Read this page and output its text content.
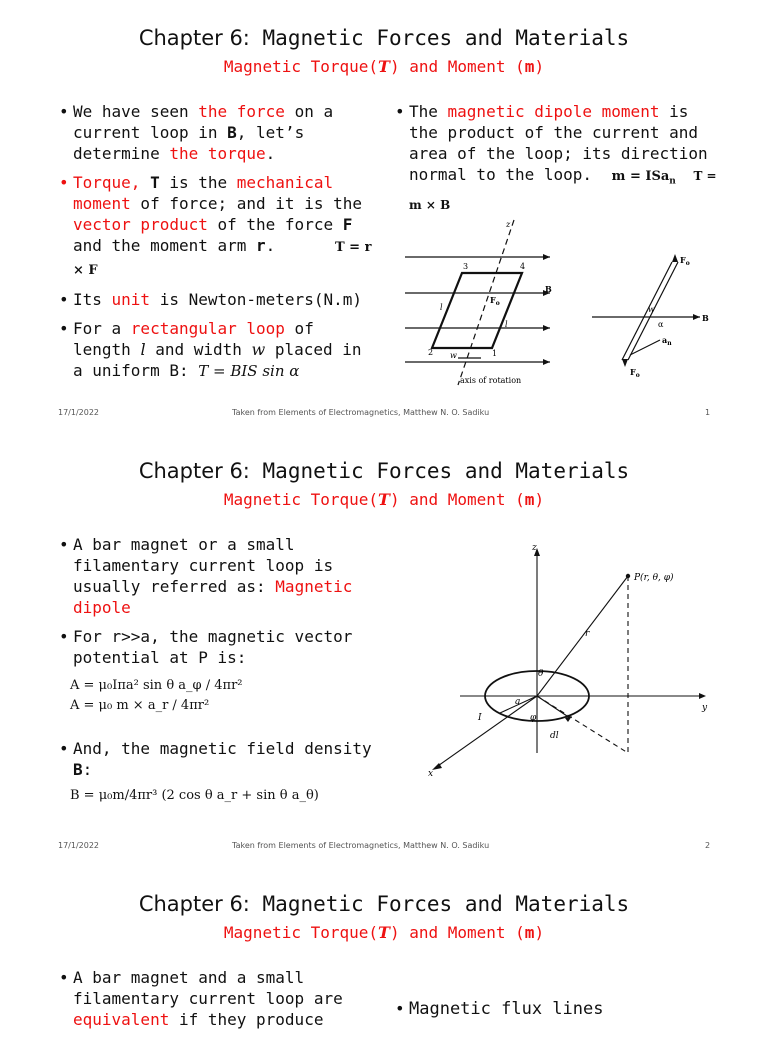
Chapter 6: Magnetic Forces and Materials
Magnetic Torque(T) and Moment (m)
• We have seen the force on a current loop in B, let’s determine the torque.
• Torque, T is the mechanical moment of force; and it is the vector product of the force F and the moment arm r.	T = r × F
• Its unit is Newton-meters(N.m)
• For a rectangular loop of length l and width w placed in a uniform B: T = BIS sin α
• The magnetic dipole moment is the product of the current and area of the loop; its direction normal to the loop. m = ISa$_n$ T = m × B
z
3	4
2	1
B
B
l
l
w
w
$F_o$
$F_o$
$F_o$
axis of rotation
α
$a_n$
17/1/2022	Taken from Elements of Electromagnetics, Matthew N. O. Sadiku	1
Chapter 6: Magnetic Forces and Materials
Magnetic Torque(T) and Moment (m)
• A bar magnet or a small filamentary current loop is usually referred as: Magnetic dipole
• For r>>a, the magnetic vector potential at P is:
• And, the magnetic field density B:
A = μ₀Iπa² sin θ a_φ / 4πr²
A = μ₀ m × a_r / 4πr²
B = μ₀m/4πr³ (2 cos θ a_r + sin θ a_θ)
z
y
x
P(r, θ, φ)
r
θ
a
φ
I
dl
17/1/2022	Taken from Elements of Electromagnetics, Matthew N. O. Sadiku	2
Chapter 6: Magnetic Forces and Materials
Magnetic Torque(T) and Moment (m)
• A bar magnet and a small filamentary current loop are equivalent if they produce
• Magnetic flux lines
